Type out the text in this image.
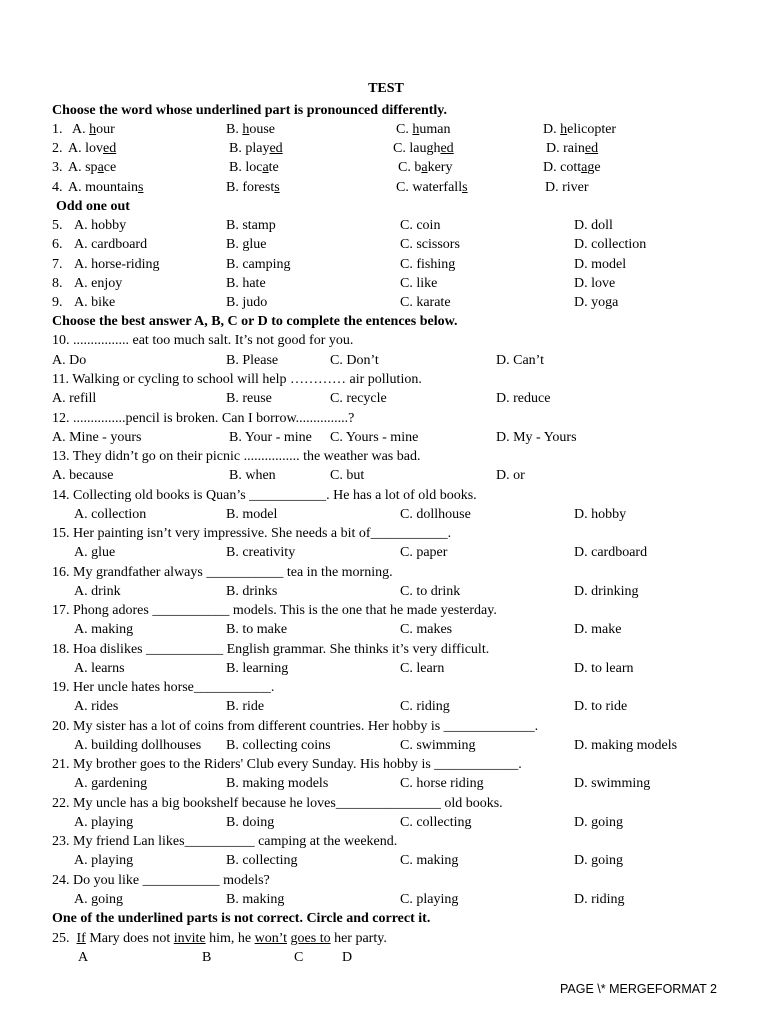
TEST
Choose the word whose underlined part is pronounced differently.
1. A. hour	B. house	C. human	D. helicopter
2. A. loved	B. played	C. laughed	D. rained
3. A. space	B. locate	C. bakery	D. cottage
4. A. mountains	B. forests	C. waterfalls	D. river
Odd one out
5. A. hobby	B. stamp	C. coin	D. doll
6. A. cardboard	B. glue	C. scissors	D. collection
7. A. horse-riding	B. camping	C. fishing	D. model
8. A. enjoy	B. hate	C. like	D. love
9. A. bike	B. judo	C. karate	D. yoga
Choose the best answer A, B, C or D to complete the entences below.
10. ................ eat too much salt. It’s not good for you.
A. Do	B. Please	C. Don’t	D. Can’t
11. Walking or cycling to school will help ………… air pollution.
A. refill	B. reuse	C. recycle	D. reduce
12. ...............pencil is broken. Can I borrow...............?
A. Mine - yours	B. Your - mine C. Yours - mine	D. My - Yours
13. They didn’t go on their picnic ................ the weather was bad.
A. because	B. when	C. but	D. or
14. Collecting old books is Quan’s ___________. He has a lot of old books.
A. collection	B. model	C. dollhouse	D. hobby
15. Her painting isn’t very impressive. She needs a bit of___________.
A. glue	B. creativity	C. paper	D. cardboard
16. My grandfather always ___________ tea in the morning.
A. drink	B. drinks	C. to drink	D. drinking
17. Phong adores ___________ models. This is the one that he made yesterday.
A. making	B. to make	C. makes	D. make
18. Hoa dislikes ___________ English grammar. She thinks it’s very difficult.
A. learns	B. learning	C. learn	D. to learn
19. Her uncle hates horse___________.
A. rides	B. ride	C. riding	D. to ride
20. My sister has a lot of coins from different countries. Her hobby is _____________.
A. building dollhouses B. collecting coins	C. swimming	D. making models
21. My brother goes to the Riders' Club every Sunday. His hobby is ____________.
A. gardening	B. making models	C. horse riding	D. swimming
22. My uncle has a big bookshelf because he loves_______________ old books.
A. playing	B. doing	C. collecting	D. going
23. My friend Lan likes__________ camping at the weekend.
A. playing	B. collecting	C. making	D. going
24. Do you like ___________ models?
A. going	B. making	C. playing	D. riding
One of the underlined parts is not correct. Circle and correct it.
25. If Mary does not invite him, he won’t goes to her party.
A	B	C	D
PAGE \* MERGEFORMAT 2
